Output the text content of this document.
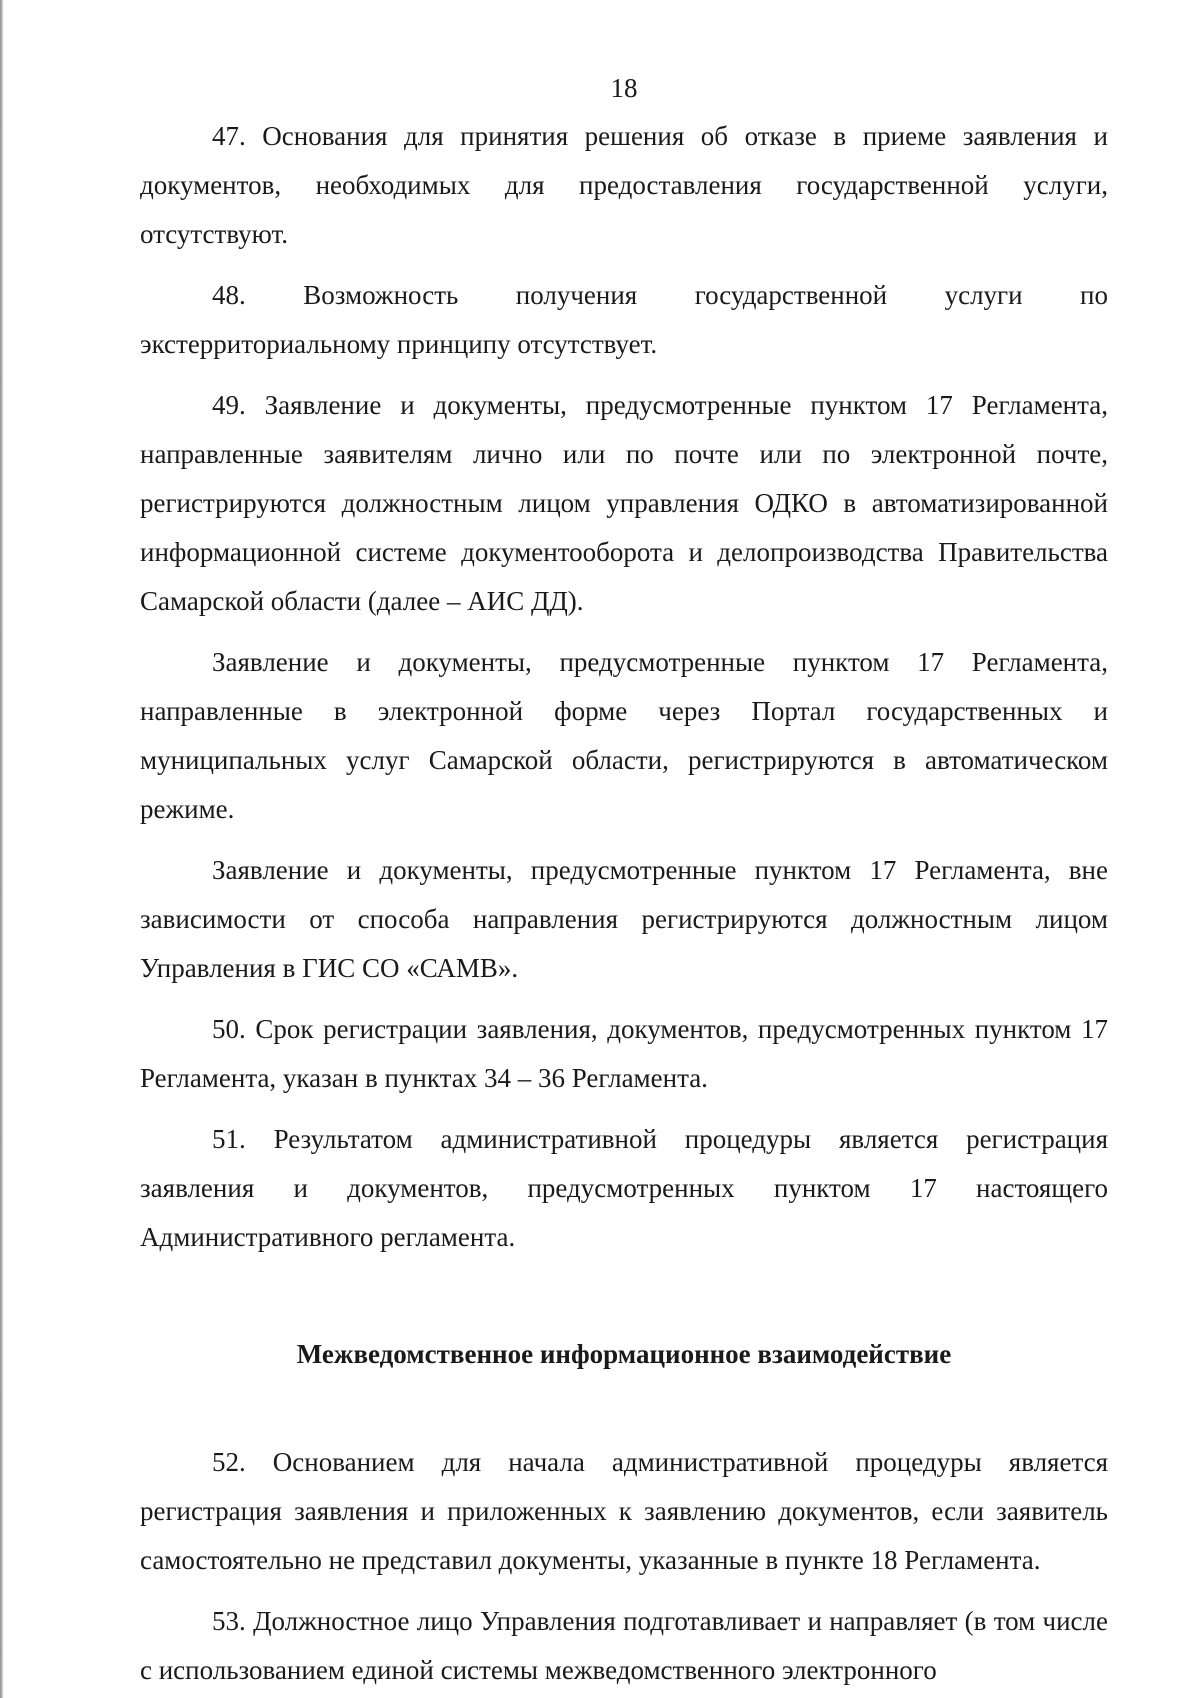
18

47. Основания для принятия решения об отказе в приеме заявления и документов, необходимых для предоставления государственной услуги, отсутствуют.

48. Возможность получения государственной услуги по экстерриториальному принципу отсутствует.

49. Заявление и документы, предусмотренные пунктом 17 Регламента, направленные заявителям лично или по почте или по электронной почте, регистрируются должностным лицом управления ОДКО в автоматизированной информационной системе документооборота и делопроизводства Правительства Самарской области (далее – АИС ДД).

Заявление и документы, предусмотренные пунктом 17 Регламента, направленные в электронной форме через Портал государственных и муниципальных услуг Самарской области, регистрируются в автоматическом режиме.

Заявление и документы, предусмотренные пунктом 17 Регламента, вне зависимости от способа направления регистрируются должностным лицом Управления в ГИС СО «САМВ».

50. Срок регистрации заявления, документов, предусмотренных пунктом 17 Регламента, указан в пунктах 34 – 36 Регламента.

51. Результатом административной процедуры является регистрация заявления и документов, предусмотренных пунктом 17 настоящего Административного регламента.

Межведомственное информационное взаимодействие

52. Основанием для начала административной процедуры является регистрация заявления и приложенных к заявлению документов, если заявитель самостоятельно не представил документы, указанные в пункте 18 Регламента.

53. Должностное лицо Управления подготавливает и направляет (в том числе с использованием единой системы межведомственного электронного
